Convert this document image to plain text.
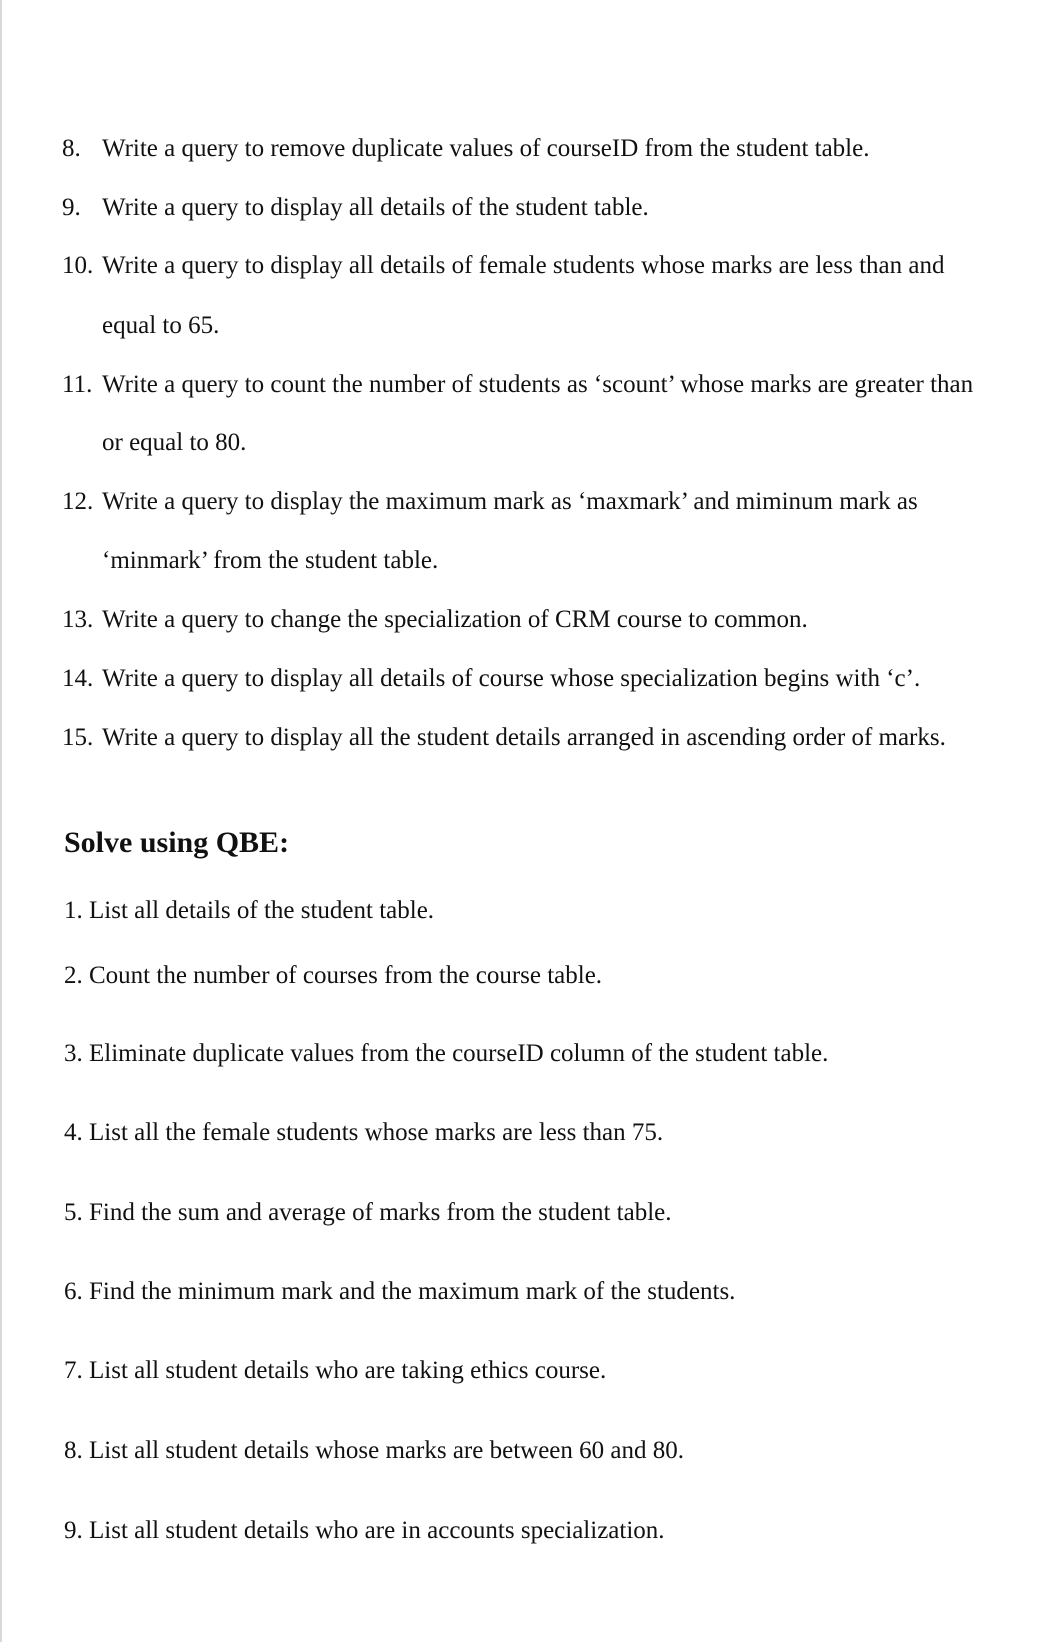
8. Write a query to remove duplicate values of courseID from the student table.
9. Write a query to display all details of the student table.
10. Write a query to display all details of female students whose marks are less than and
equal to 65.
11. Write a query to count the number of students as ‘scount’ whose marks are greater than
or equal to 80.
12. Write a query to display the maximum mark as ‘maxmark’ and miminum mark as
‘minmark’ from the student table.
13. Write a query to change the specialization of CRM course to common.
14. Write a query to display all details of course whose specialization begins with ‘c’.
15. Write a query to display all the student details arranged in ascending order of marks.
Solve using QBE:
1. List all details of the student table.
2. Count the number of courses from the course table.
3. Eliminate duplicate values from the courseID column of the student table.
4. List all the female students whose marks are less than 75.
5. Find the sum and average of marks from the student table.
6. Find the minimum mark and the maximum mark of the students.
7. List all student details who are taking ethics course.
8. List all student details whose marks are between 60 and 80.
9. List all student details who are in accounts specialization.
